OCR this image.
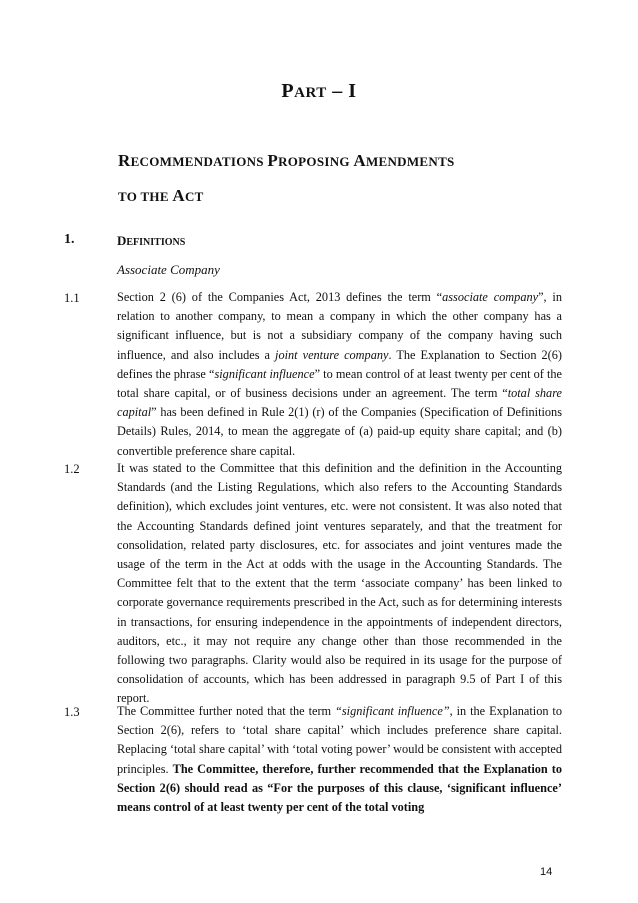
PART – I
RECOMMENDATIONS PROPOSING AMENDMENTS
TO THE ACT
1.	DEFINITIONS
Associate Company
1.1	Section 2 (6) of the Companies Act, 2013 defines the term “associate company”, in relation to another company, to mean a company in which the other company has a significant influence, but is not a subsidiary company of the company having such influence, and also includes a joint venture company. The Explanation to Section 2(6) defines the phrase “significant influence” to mean control of at least twenty per cent of the total share capital, or of business decisions under an agreement. The term “total share capital” has been defined in Rule 2(1) (r) of the Companies (Specification of Definitions Details) Rules, 2014, to mean the aggregate of (a) paid-up equity share capital; and (b) convertible preference share capital.

1.2	It was stated to the Committee that this definition and the definition in the Accounting Standards (and the Listing Regulations, which also refers to the Accounting Standards definition), which excludes joint ventures, etc. were not consistent. It was also noted that the Accounting Standards defined joint ventures separately, and that the treatment for consolidation, related party disclosures, etc. for associates and joint ventures made the usage of the term in the Act at odds with the usage in the Accounting Standards. The Committee felt that to the extent that the term ‘associate company’ has been linked to corporate governance requirements prescribed in the Act, such as for determining interests in transactions, for ensuring independence in the appointments of independent directors, auditors, etc., it may not require any change other than those recommended in the following two paragraphs. Clarity would also be required in its usage for the purpose of consolidation of accounts, which has been addressed in paragraph 9.5 of Part I of this report.

1.3	The Committee further noted that the term “significant influence”, in the Explanation to Section 2(6), refers to ‘total share capital’ which includes preference share capital. Replacing ‘total share capital’ with ‘total voting power’ would be consistent with accepted principles. The Committee, therefore, further recommended that the Explanation to Section 2(6) should read as “For the purposes of this clause, ‘significant influence’ means control of at least twenty per cent of the total voting

14
